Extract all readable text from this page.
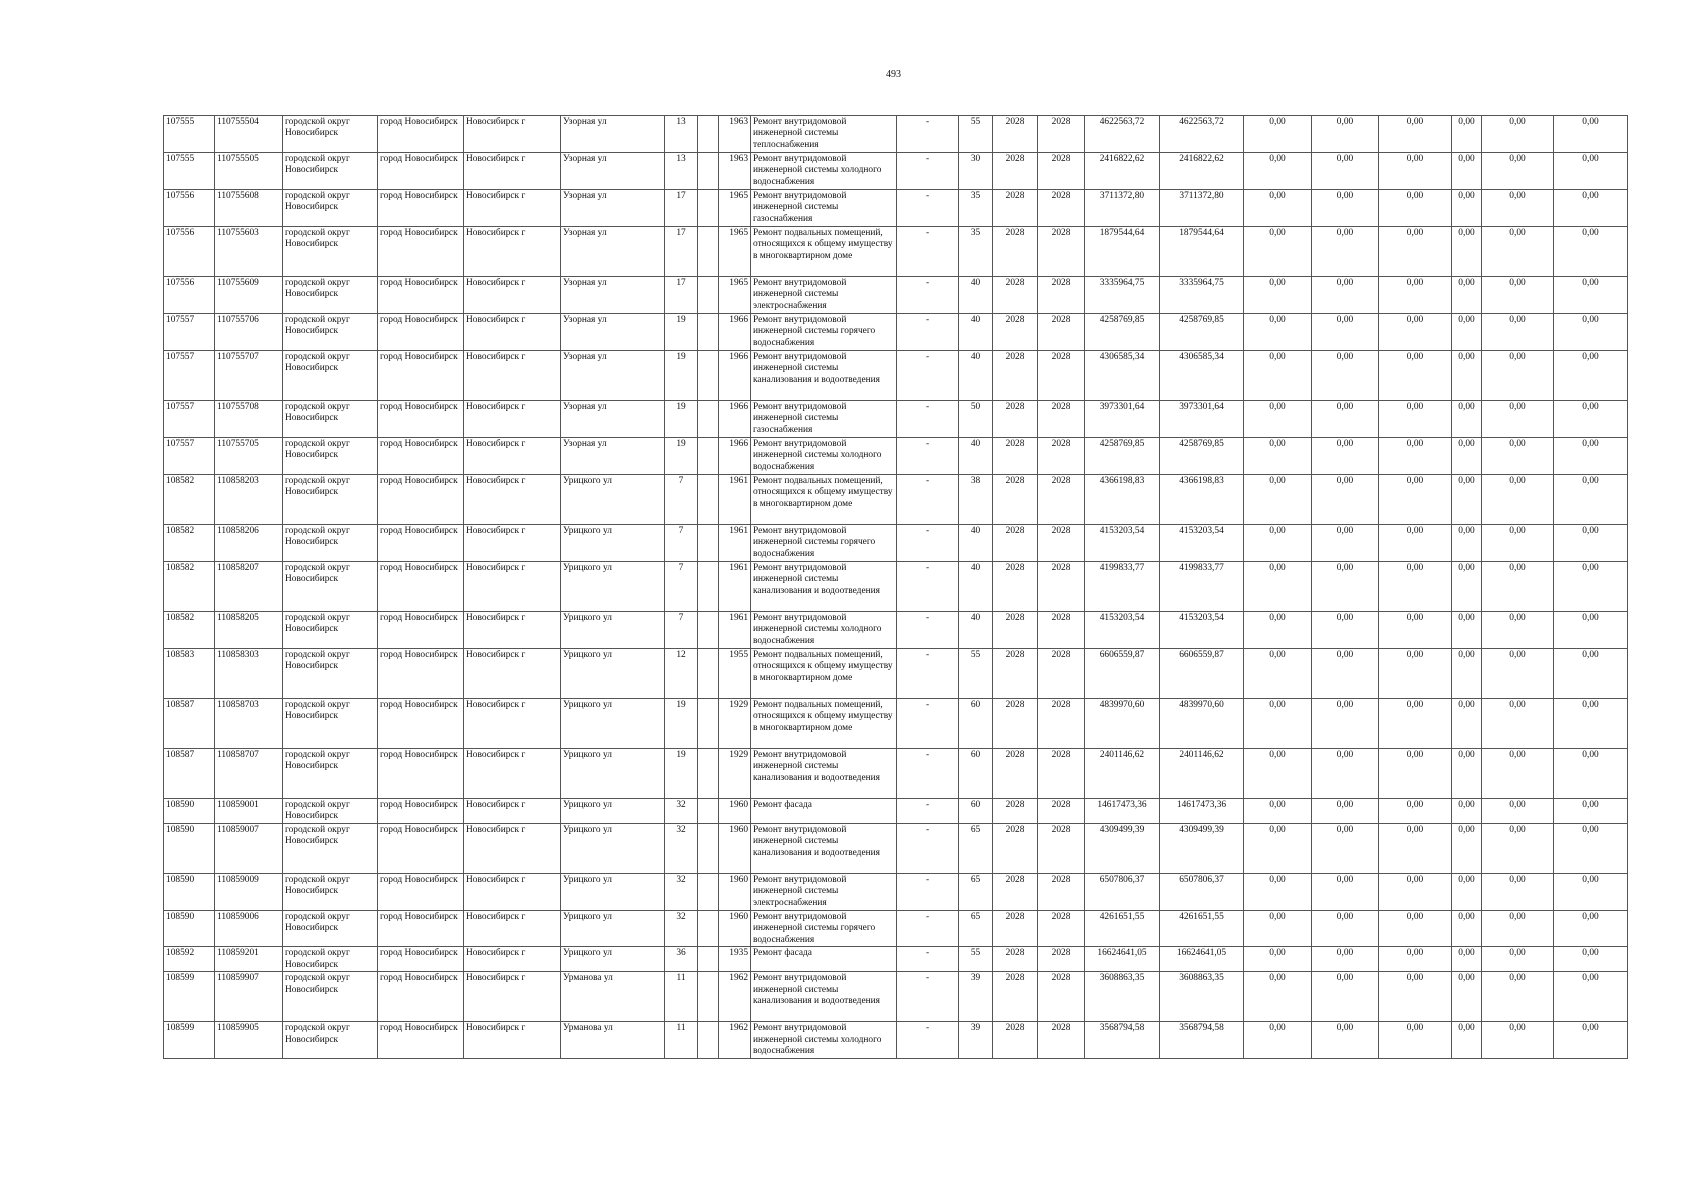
493
107555	110755504	городской округ Новосибирск	город Новосибирск	Новосибирск г	Узорная ул	13		1963	Ремонт внутридомовой инженерной системы теплоснабжения	-	55	2028	2028	4622563,72	4622563,72	0,00	0,00	0,00	0,00	0,00	0,00
107555	110755505	городской округ Новосибирск	город Новосибирск	Новосибирск г	Узорная ул	13		1963	Ремонт внутридомовой инженерной системы холодного водоснабжения	-	30	2028	2028	2416822,62	2416822,62	0,00	0,00	0,00	0,00	0,00	0,00
107556	110755608	городской округ Новосибирск	город Новосибирск	Новосибирск г	Узорная ул	17		1965	Ремонт внутридомовой инженерной системы газоснабжения	-	35	2028	2028	3711372,80	3711372,80	0,00	0,00	0,00	0,00	0,00	0,00
107556	110755603	городской округ Новосибирск	город Новосибирск	Новосибирск г	Узорная ул	17		1965	Ремонт подвальных помещений, относящихся к общему имуществу в многоквартирном доме	-	35	2028	2028	1879544,64	1879544,64	0,00	0,00	0,00	0,00	0,00	0,00
107556	110755609	городской округ Новосибирск	город Новосибирск	Новосибирск г	Узорная ул	17		1965	Ремонт внутридомовой инженерной системы электроснабжения	-	40	2028	2028	3335964,75	3335964,75	0,00	0,00	0,00	0,00	0,00	0,00
107557	110755706	городской округ Новосибирск	город Новосибирск	Новосибирск г	Узорная ул	19		1966	Ремонт внутридомовой инженерной системы горячего водоснабжения	-	40	2028	2028	4258769,85	4258769,85	0,00	0,00	0,00	0,00	0,00	0,00
107557	110755707	городской округ Новосибирск	город Новосибирск	Новосибирск г	Узорная ул	19		1966	Ремонт внутридомовой инженерной системы канализования и водоотведения	-	40	2028	2028	4306585,34	4306585,34	0,00	0,00	0,00	0,00	0,00	0,00
107557	110755708	городской округ Новосибирск	город Новосибирск	Новосибирск г	Узорная ул	19		1966	Ремонт внутридомовой инженерной системы газоснабжения	-	50	2028	2028	3973301,64	3973301,64	0,00	0,00	0,00	0,00	0,00	0,00
107557	110755705	городской округ Новосибирск	город Новосибирск	Новосибирск г	Узорная ул	19		1966	Ремонт внутридомовой инженерной системы холодного водоснабжения	-	40	2028	2028	4258769,85	4258769,85	0,00	0,00	0,00	0,00	0,00	0,00
108582	110858203	городской округ Новосибирск	город Новосибирск	Новосибирск г	Урицкого ул	7		1961	Ремонт подвальных помещений, относящихся к общему имуществу в многоквартирном доме	-	38	2028	2028	4366198,83	4366198,83	0,00	0,00	0,00	0,00	0,00	0,00
108582	110858206	городской округ Новосибирск	город Новосибирск	Новосибирск г	Урицкого ул	7		1961	Ремонт внутридомовой инженерной системы горячего водоснабжения	-	40	2028	2028	4153203,54	4153203,54	0,00	0,00	0,00	0,00	0,00	0,00
108582	110858207	городской округ Новосибирск	город Новосибирск	Новосибирск г	Урицкого ул	7		1961	Ремонт внутридомовой инженерной системы канализования и водоотведения	-	40	2028	2028	4199833,77	4199833,77	0,00	0,00	0,00	0,00	0,00	0,00
108582	110858205	городской округ Новосибирск	город Новосибирск	Новосибирск г	Урицкого ул	7		1961	Ремонт внутридомовой инженерной системы холодного водоснабжения	-	40	2028	2028	4153203,54	4153203,54	0,00	0,00	0,00	0,00	0,00	0,00
108583	110858303	городской округ Новосибирск	город Новосибирск	Новосибирск г	Урицкого ул	12		1955	Ремонт подвальных помещений, относящихся к общему имуществу в многоквартирном доме	-	55	2028	2028	6606559,87	6606559,87	0,00	0,00	0,00	0,00	0,00	0,00
108587	110858703	городской округ Новосибирск	город Новосибирск	Новосибирск г	Урицкого ул	19		1929	Ремонт подвальных помещений, относящихся к общему имуществу в многоквартирном доме	-	60	2028	2028	4839970,60	4839970,60	0,00	0,00	0,00	0,00	0,00	0,00
108587	110858707	городской округ Новосибирск	город Новосибирск	Новосибирск г	Урицкого ул	19		1929	Ремонт внутридомовой инженерной системы канализования и водоотведения	-	60	2028	2028	2401146,62	2401146,62	0,00	0,00	0,00	0,00	0,00	0,00
108590	110859001	городской округ Новосибирск	город Новосибирск	Новосибирск г	Урицкого ул	32		1960	Ремонт фасада	-	60	2028	2028	14617473,36	14617473,36	0,00	0,00	0,00	0,00	0,00	0,00
108590	110859007	городской округ Новосибирск	город Новосибирск	Новосибирск г	Урицкого ул	32		1960	Ремонт внутридомовой инженерной системы канализования и водоотведения	-	65	2028	2028	4309499,39	4309499,39	0,00	0,00	0,00	0,00	0,00	0,00
108590	110859009	городской округ Новосибирск	город Новосибирск	Новосибирск г	Урицкого ул	32		1960	Ремонт внутридомовой инженерной системы электроснабжения	-	65	2028	2028	6507806,37	6507806,37	0,00	0,00	0,00	0,00	0,00	0,00
108590	110859006	городской округ Новосибирск	город Новосибирск	Новосибирск г	Урицкого ул	32		1960	Ремонт внутридомовой инженерной системы горячего водоснабжения	-	65	2028	2028	4261651,55	4261651,55	0,00	0,00	0,00	0,00	0,00	0,00
108592	110859201	городской округ Новосибирск	город Новосибирск	Новосибирск г	Урицкого ул	36		1935	Ремонт фасада	-	55	2028	2028	16624641,05	16624641,05	0,00	0,00	0,00	0,00	0,00	0,00
108599	110859907	городской округ Новосибирск	город Новосибирск	Новосибирск г	Урманова ул	11		1962	Ремонт внутридомовой инженерной системы канализования и водоотведения	-	39	2028	2028	3608863,35	3608863,35	0,00	0,00	0,00	0,00	0,00	0,00
108599	110859905	городской округ Новосибирск	город Новосибирск	Новосибирск г	Урманова ул	11		1962	Ремонт внутридомовой инженерной системы холодного водоснабжения	-	39	2028	2028	3568794,58	3568794,58	0,00	0,00	0,00	0,00	0,00	0,00
